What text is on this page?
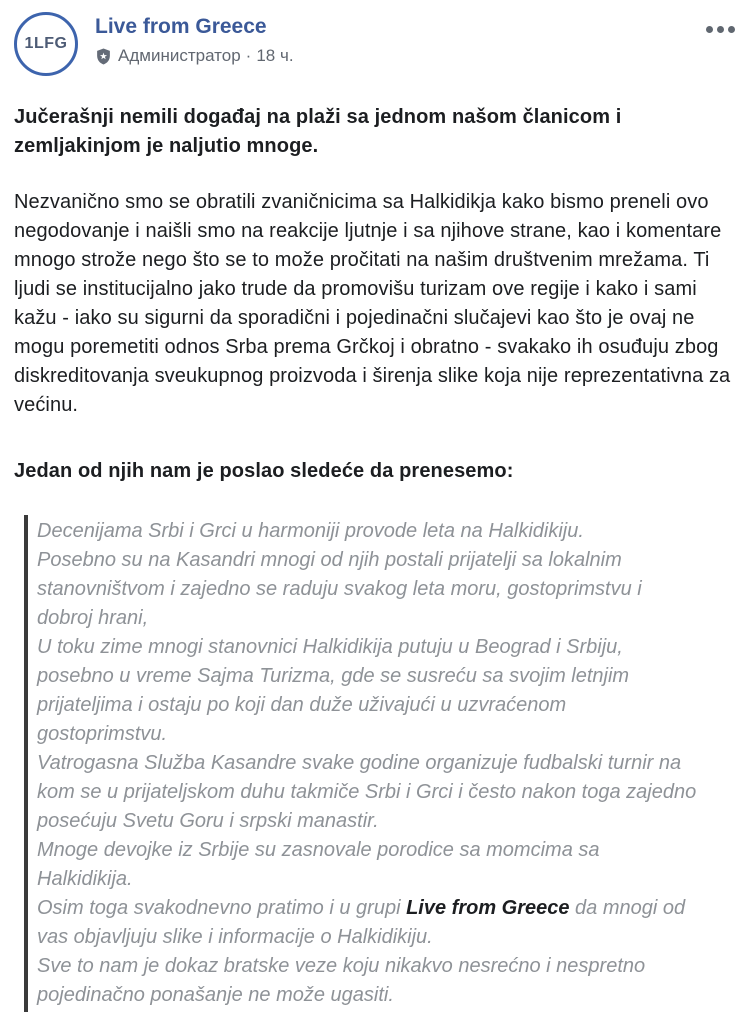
1LFG
Live from Greece
Администратор · 18 ч.
Jučerašnji nemili događaj na plaži sa jednom našom članicom i zemljakinjom je naljutio mnoge.
Nezvanično smo se obratili zvaničnicima sa Halkidikja kako bismo preneli ovo negodovanje i naišli smo na reakcije ljutnje i sa njihove strane, kao i komentare mnogo strože nego što se to može pročitati na našim društvenim mrežama. Ti ljudi se institucijalno jako trude da promovišu turizam ove regije i kako i sami kažu - iako su sigurni da sporadični i pojedinačni slučajevi kao što je ovaj ne mogu poremetiti odnos Srba prema Grčkoj i obratno - svakako ih osuđuju zbog diskreditovanja sveukupnog proizvoda i širenja slike koja nije reprezentativna za većinu.
Jedan od njih nam je poslao sledeće da prenesemo:
Decenijama Srbi i Grci u harmoniji provode leta na Halkidikiju.
Posebno su na Kasandri mnogi od njih postali prijatelji sa lokalnim stanovništvom i zajedno se raduju svakog leta moru, gostoprimstvu i dobroj hrani,
U toku zime mnogi stanovnici Halkidikija putuju u Beograd i Srbiju, posebno u vreme Sajma Turizma, gde se susreću sa svojim letnjim prijateljima i ostaju po koji dan duže uživajući u uzvraćenom gostoprimstvu.
Vatrogasna Služba Kasandre svake godine organizuje fudbalski turnir na kom se u prijateljskom duhu takmiče Srbi i Grci i često nakon toga zajedno posećuju Svetu Goru i srpski manastir.
Mnoge devojke iz Srbije su zasnovale porodice sa momcima sa Halkidikija.
Osim toga svakodnevno pratimo i u grupi Live from Greece da mnogi od vas objavljuju slike i informacije o Halkidikiju.
Sve to nam je dokaz bratske veze koju nikakvo nesrećno i nespretno pojedinačno ponašanje ne može ugasiti.
